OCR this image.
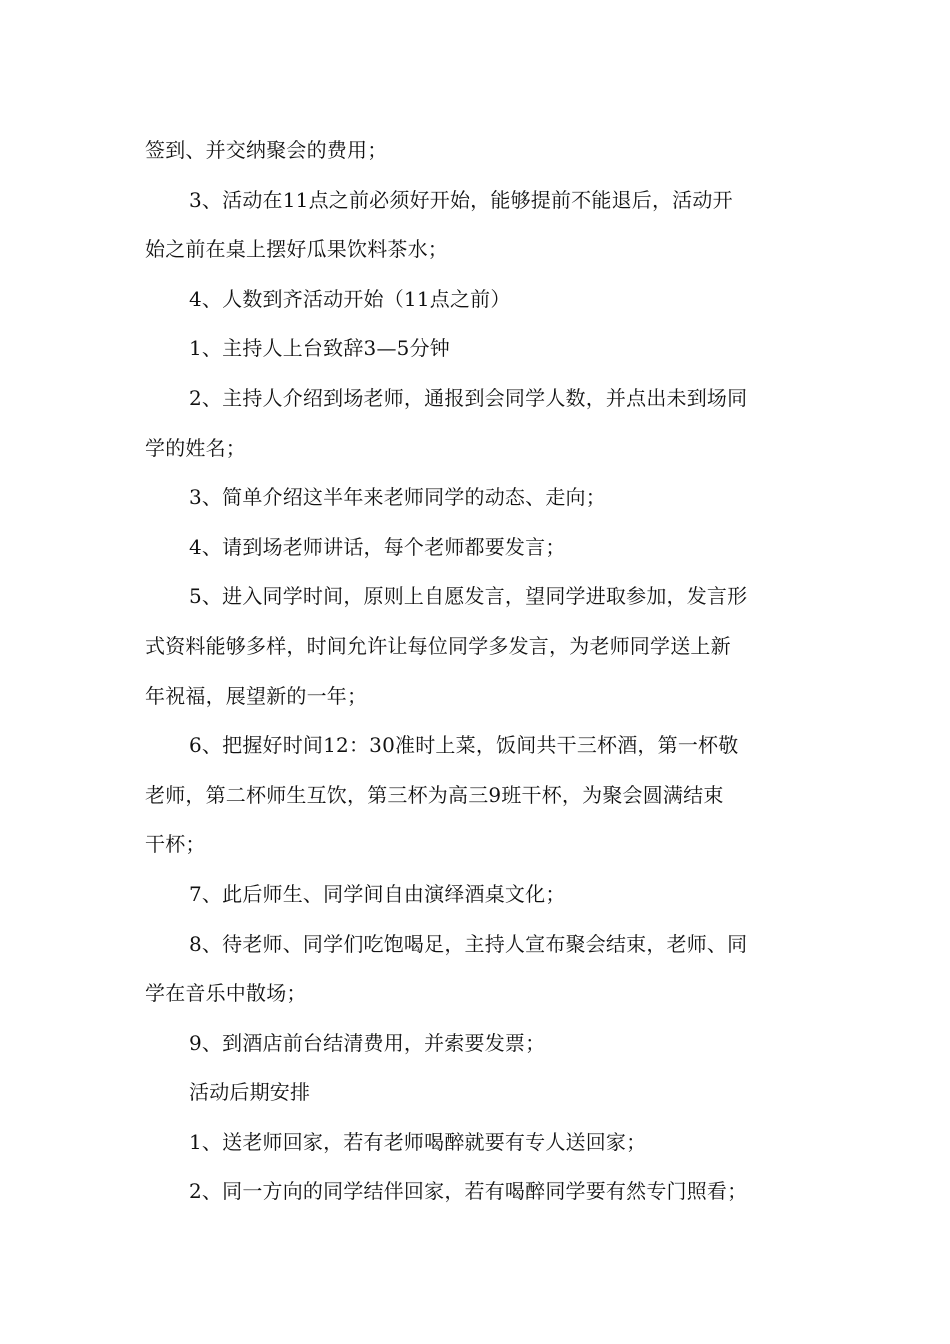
签到、并交纳聚会的费用；

3、活动在11点之前必须好开始，能够提前不能退后，活动开

始之前在桌上摆好瓜果饮料茶水；

4、人数到齐活动开始（11点之前）

1、主持人上台致辞3—5分钟

2、主持人介绍到场老师，通报到会同学人数，并点出未到场同

学的姓名；

3、简单介绍这半年来老师同学的动态、走向；

4、请到场老师讲话，每个老师都要发言；

5、进入同学时间，原则上自愿发言，望同学进取参加，发言形

式资料能够多样，时间允许让每位同学多发言，为老师同学送上新

年祝福，展望新的一年；

6、把握好时间12：30准时上菜，饭间共干三杯酒，第一杯敬

老师，第二杯师生互饮，第三杯为高三9班干杯，为聚会圆满结束

干杯；

7、此后师生、同学间自由演绎酒桌文化；

8、待老师、同学们吃饱喝足，主持人宣布聚会结束，老师、同

学在音乐中散场；

9、到酒店前台结清费用，并索要发票；

活动后期安排

1、送老师回家，若有老师喝醉就要有专人送回家；

2、同一方向的同学结伴回家，若有喝醉同学要有然专门照看；
